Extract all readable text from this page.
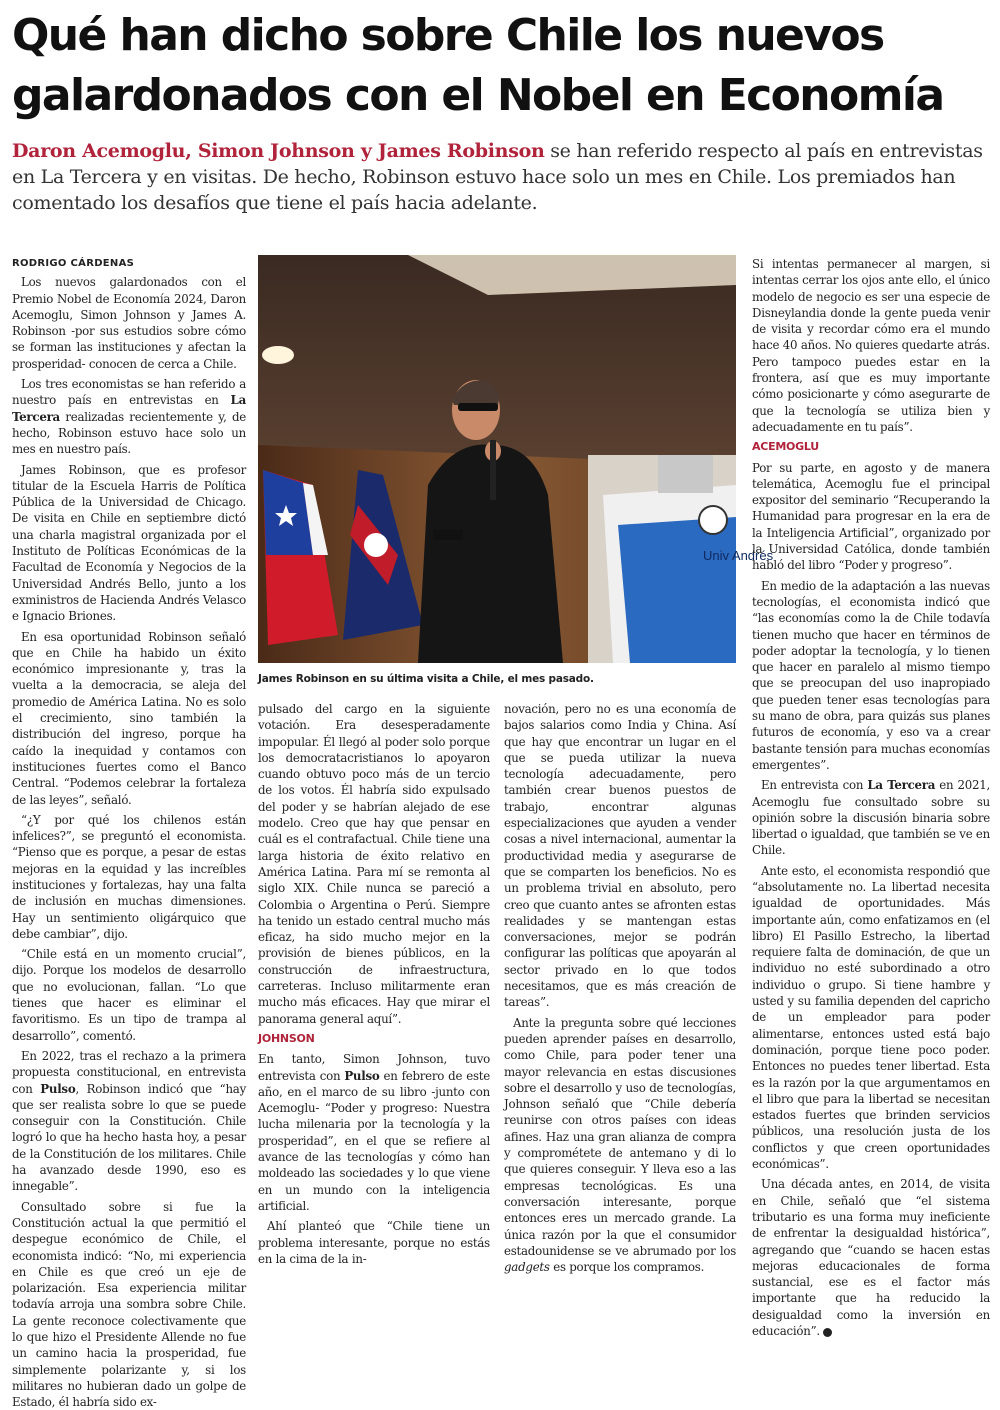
Qué han dicho sobre Chile los nuevos galardonados con el Nobel en Economía

Daron Acemoglu, Simon Johnson y James Robinson se han referido respecto al país en entrevistas en La Tercera y en visitas. De hecho, Robinson estuvo hace solo un mes en Chile. Los premiados han comentado los desafíos que tiene el país hacia adelante.

RODRIGO CÁRDENAS

Los nuevos galardonados con el Premio Nobel de Economía 2024, Daron Acemoglu, Simon Johnson y James A. Robinson -por sus estudios sobre cómo se forman las instituciones y afectan la prosperidad- conocen de cerca a Chile.

Los tres economistas se han referido a nuestro país en entrevistas en La Tercera realizadas recientemente y, de hecho, Robinson estuvo hace solo un mes en nuestro país.

James Robinson, que es profesor titular de la Escuela Harris de Política Pública de la Universidad de Chicago. De visita en Chile en septiembre dictó una charla magistral organizada por el Instituto de Políticas Económicas de la Facultad de Economía y Negocios de la Universidad Andrés Bello, junto a los exministros de Hacienda Andrés Velasco e Ignacio Briones.

En esa oportunidad Robinson señaló que en Chile ha habido un éxito económico impresionante y, tras la vuelta a la democracia, se aleja del promedio de América Latina. No es solo el crecimiento, sino también la distribución del ingreso, porque ha caído la inequidad y contamos con instituciones fuertes como el Banco Central. “Podemos celebrar la fortaleza de las leyes”, señaló.

“¿Y por qué los chilenos están infelices?”, se preguntó el economista. “Pienso que es porque, a pesar de estas mejoras en la equidad y las increíbles instituciones y fortalezas, hay una falta de inclusión en muchas dimensiones. Hay un sentimiento oligárquico que debe cambiar”, dijo.

“Chile está en un momento crucial”, dijo. Porque los modelos de desarrollo que no evolucionan, fallan. “Lo que tienes que hacer es eliminar el favoritismo. Es un tipo de trampa al desarrollo”, comentó.

En 2022, tras el rechazo a la primera propuesta constitucional, en entrevista con Pulso, Robinson indicó que “hay que ser realista sobre lo que se puede conseguir con la Constitución. Chile logró lo que ha hecho hasta hoy, a pesar de la Constitución de los militares. Chile ha avanzado desde 1990, eso es innegable”.

Consultado sobre si fue la Constitución actual la que permitió el despegue económico de Chile, el economista indicó: “No, mi experiencia en Chile es que creó un eje de polarización. Esa experiencia militar todavía arroja una sombra sobre Chile. La gente reconoce colectivamente que lo que hizo el Presidente Allende no fue un camino hacia la prosperidad, fue simplemente polarizante y, si los militares no hubieran dado un golpe de Estado, él habría sido ex-

Univ Andrés
James Robinson en su última visita a Chile, el mes pasado.

pulsado del cargo en la siguiente votación. Era desesperadamente impopular. Él llegó al poder solo porque los democratacristianos lo apoyaron cuando obtuvo poco más de un tercio de los votos. Él habría sido expulsado del poder y se habrían alejado de ese modelo. Creo que hay que pensar en cuál es el contrafactual. Chile tiene una larga historia de éxito relativo en América Latina. Para mí se remonta al siglo XIX. Chile nunca se pareció a Colombia o Argentina o Perú. Siempre ha tenido un estado central mucho más eficaz, ha sido mucho mejor en la provisión de bienes públicos, en la construcción de infraestructura, carreteras. Incluso militarmente eran mucho más eficaces. Hay que mirar el panorama general aquí”.

JOHNSON

En tanto, Simon Johnson, tuvo entrevista con Pulso en febrero de este año, en el marco de su libro -junto con Acemoglu- “Poder y progreso: Nuestra lucha milenaria por la tecnología y la prosperidad”, en el que se refiere al avance de las tecnologías y cómo han moldeado las sociedades y lo que viene en un mundo con la inteligencia artificial.

Ahí planteó que “Chile tiene un problema interesante, porque no estás en la cima de la in-

novación, pero no es una economía de bajos salarios como India y China. Así que hay que encontrar un lugar en el que se pueda utilizar la nueva tecnología adecuadamente, pero también crear buenos puestos de trabajo, encontrar algunas especializaciones que ayuden a vender cosas a nivel internacional, aumentar la productividad media y asegurarse de que se comparten los beneficios. No es un problema trivial en absoluto, pero creo que cuanto antes se afronten estas realidades y se mantengan estas conversaciones, mejor se podrán configurar las políticas que apoyarán al sector privado en lo que todos necesitamos, que es más creación de tareas”.

Ante la pregunta sobre qué lecciones pueden aprender países en desarrollo, como Chile, para poder tener una mayor relevancia en estas discusiones sobre el desarrollo y uso de tecnologías, Johnson señaló que “Chile debería reunirse con otros países con ideas afines. Haz una gran alianza de compra y comprométete de antemano y di lo que quieres conseguir. Y lleva eso a las empresas tecnológicas. Es una conversación interesante, porque entonces eres un mercado grande. La única razón por la que el consumidor estadounidense se ve abrumado por los gadgets es porque los compramos.

Si intentas permanecer al margen, si intentas cerrar los ojos ante ello, el único modelo de negocio es ser una especie de Disneylandia donde la gente pueda venir de visita y recordar cómo era el mundo hace 40 años. No quieres quedarte atrás. Pero tampoco puedes estar en la frontera, así que es muy importante cómo posicionarte y cómo asegurarte de que la tecnología se utiliza bien y adecuadamente en tu país”.

ACEMOGLU

Por su parte, en agosto y de manera telemática, Acemoglu fue el principal expositor del seminario “Recuperando la Humanidad para progresar en la era de la Inteligencia Artificial”, organizado por la Universidad Católica, donde también habló del libro “Poder y progreso”.

En medio de la adaptación a las nuevas tecnologías, el economista indicó que “las economías como la de Chile todavía tienen mucho que hacer en términos de poder adoptar la tecnología, y lo tienen que hacer en paralelo al mismo tiempo que se preocupan del uso inapropiado que pueden tener esas tecnologías para su mano de obra, para quizás sus planes futuros de economía, y eso va a crear bastante tensión para muchas economías emergentes”.

En entrevista con La Tercera en 2021, Acemoglu fue consultado sobre su opinión sobre la discusión binaria sobre libertad o igualdad, que también se ve en Chile.

Ante esto, el economista respondió que “absolutamente no. La libertad necesita igualdad de oportunidades. Más importante aún, como enfatizamos en (el libro) El Pasillo Estrecho, la libertad requiere falta de dominación, de que un individuo no esté subordinado a otro individuo o grupo. Si tiene hambre y usted y su familia dependen del capricho de un empleador para poder alimentarse, entonces usted está bajo dominación, porque tiene poco poder. Entonces no puedes tener libertad. Esta es la razón por la que argumentamos en el libro que para la libertad se necesitan estados fuertes que brinden servicios públicos, una resolución justa de los conflictos y que creen oportunidades económicas”.

Una década antes, en 2014, de visita en Chile, señaló que “el sistema tributario es una forma muy ineficiente de enfrentar la desigualdad histórica”, agregando que “cuando se hacen estas mejoras educacionales de forma sustancial, ese es el factor más importante que ha reducido la desigualdad como la inversión en educación”.
